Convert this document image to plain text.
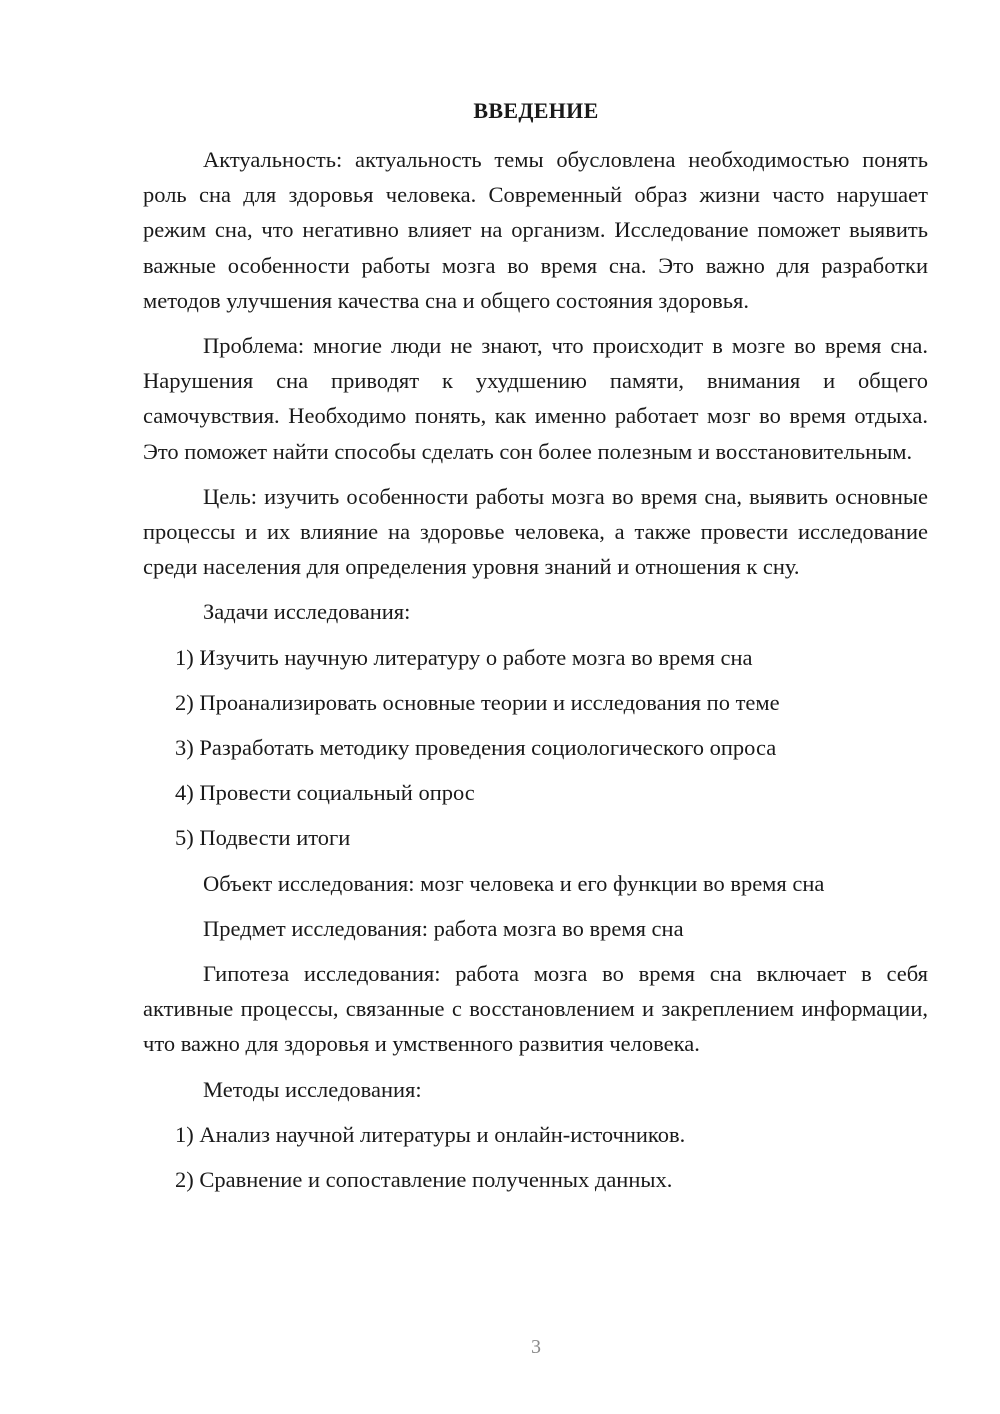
ВВЕДЕНИЕ

Актуальность: актуальность темы обусловлена необходимостью понять роль сна для здоровья человека. Современный образ жизни часто нарушает режим сна, что негативно влияет на организм. Исследование поможет выявить важные особенности работы мозга во время сна. Это важно для разработки методов улучшения качества сна и общего состояния здоровья.

Проблема: многие люди не знают, что происходит в мозге во время сна. Нарушения сна приводят к ухудшению памяти, внимания и общего самочувствия. Необходимо понять, как именно работает мозг во время отдыха. Это поможет найти способы сделать сон более полезным и восстановительным.

Цель: изучить особенности работы мозга во время сна, выявить основные процессы и их влияние на здоровье человека, а также провести исследование среди населения для определения уровня знаний и отношения к сну.

Задачи исследования:

1) Изучить научную литературу о работе мозга во время сна

2) Проанализировать основные теории и исследования по теме

3) Разработать методику проведения социологического опроса

4) Провести социальный опрос

5) Подвести итоги

Объект исследования: мозг человека и его функции во время сна

Предмет исследования: работа мозга во время сна

Гипотеза исследования: работа мозга во время сна включает в себя активные процессы, связанные с восстановлением и закреплением информации, что важно для здоровья и умственного развития человека.

Методы исследования:

1) Анализ научной литературы и онлайн-источников.

2) Сравнение и сопоставление полученных данных.

3
